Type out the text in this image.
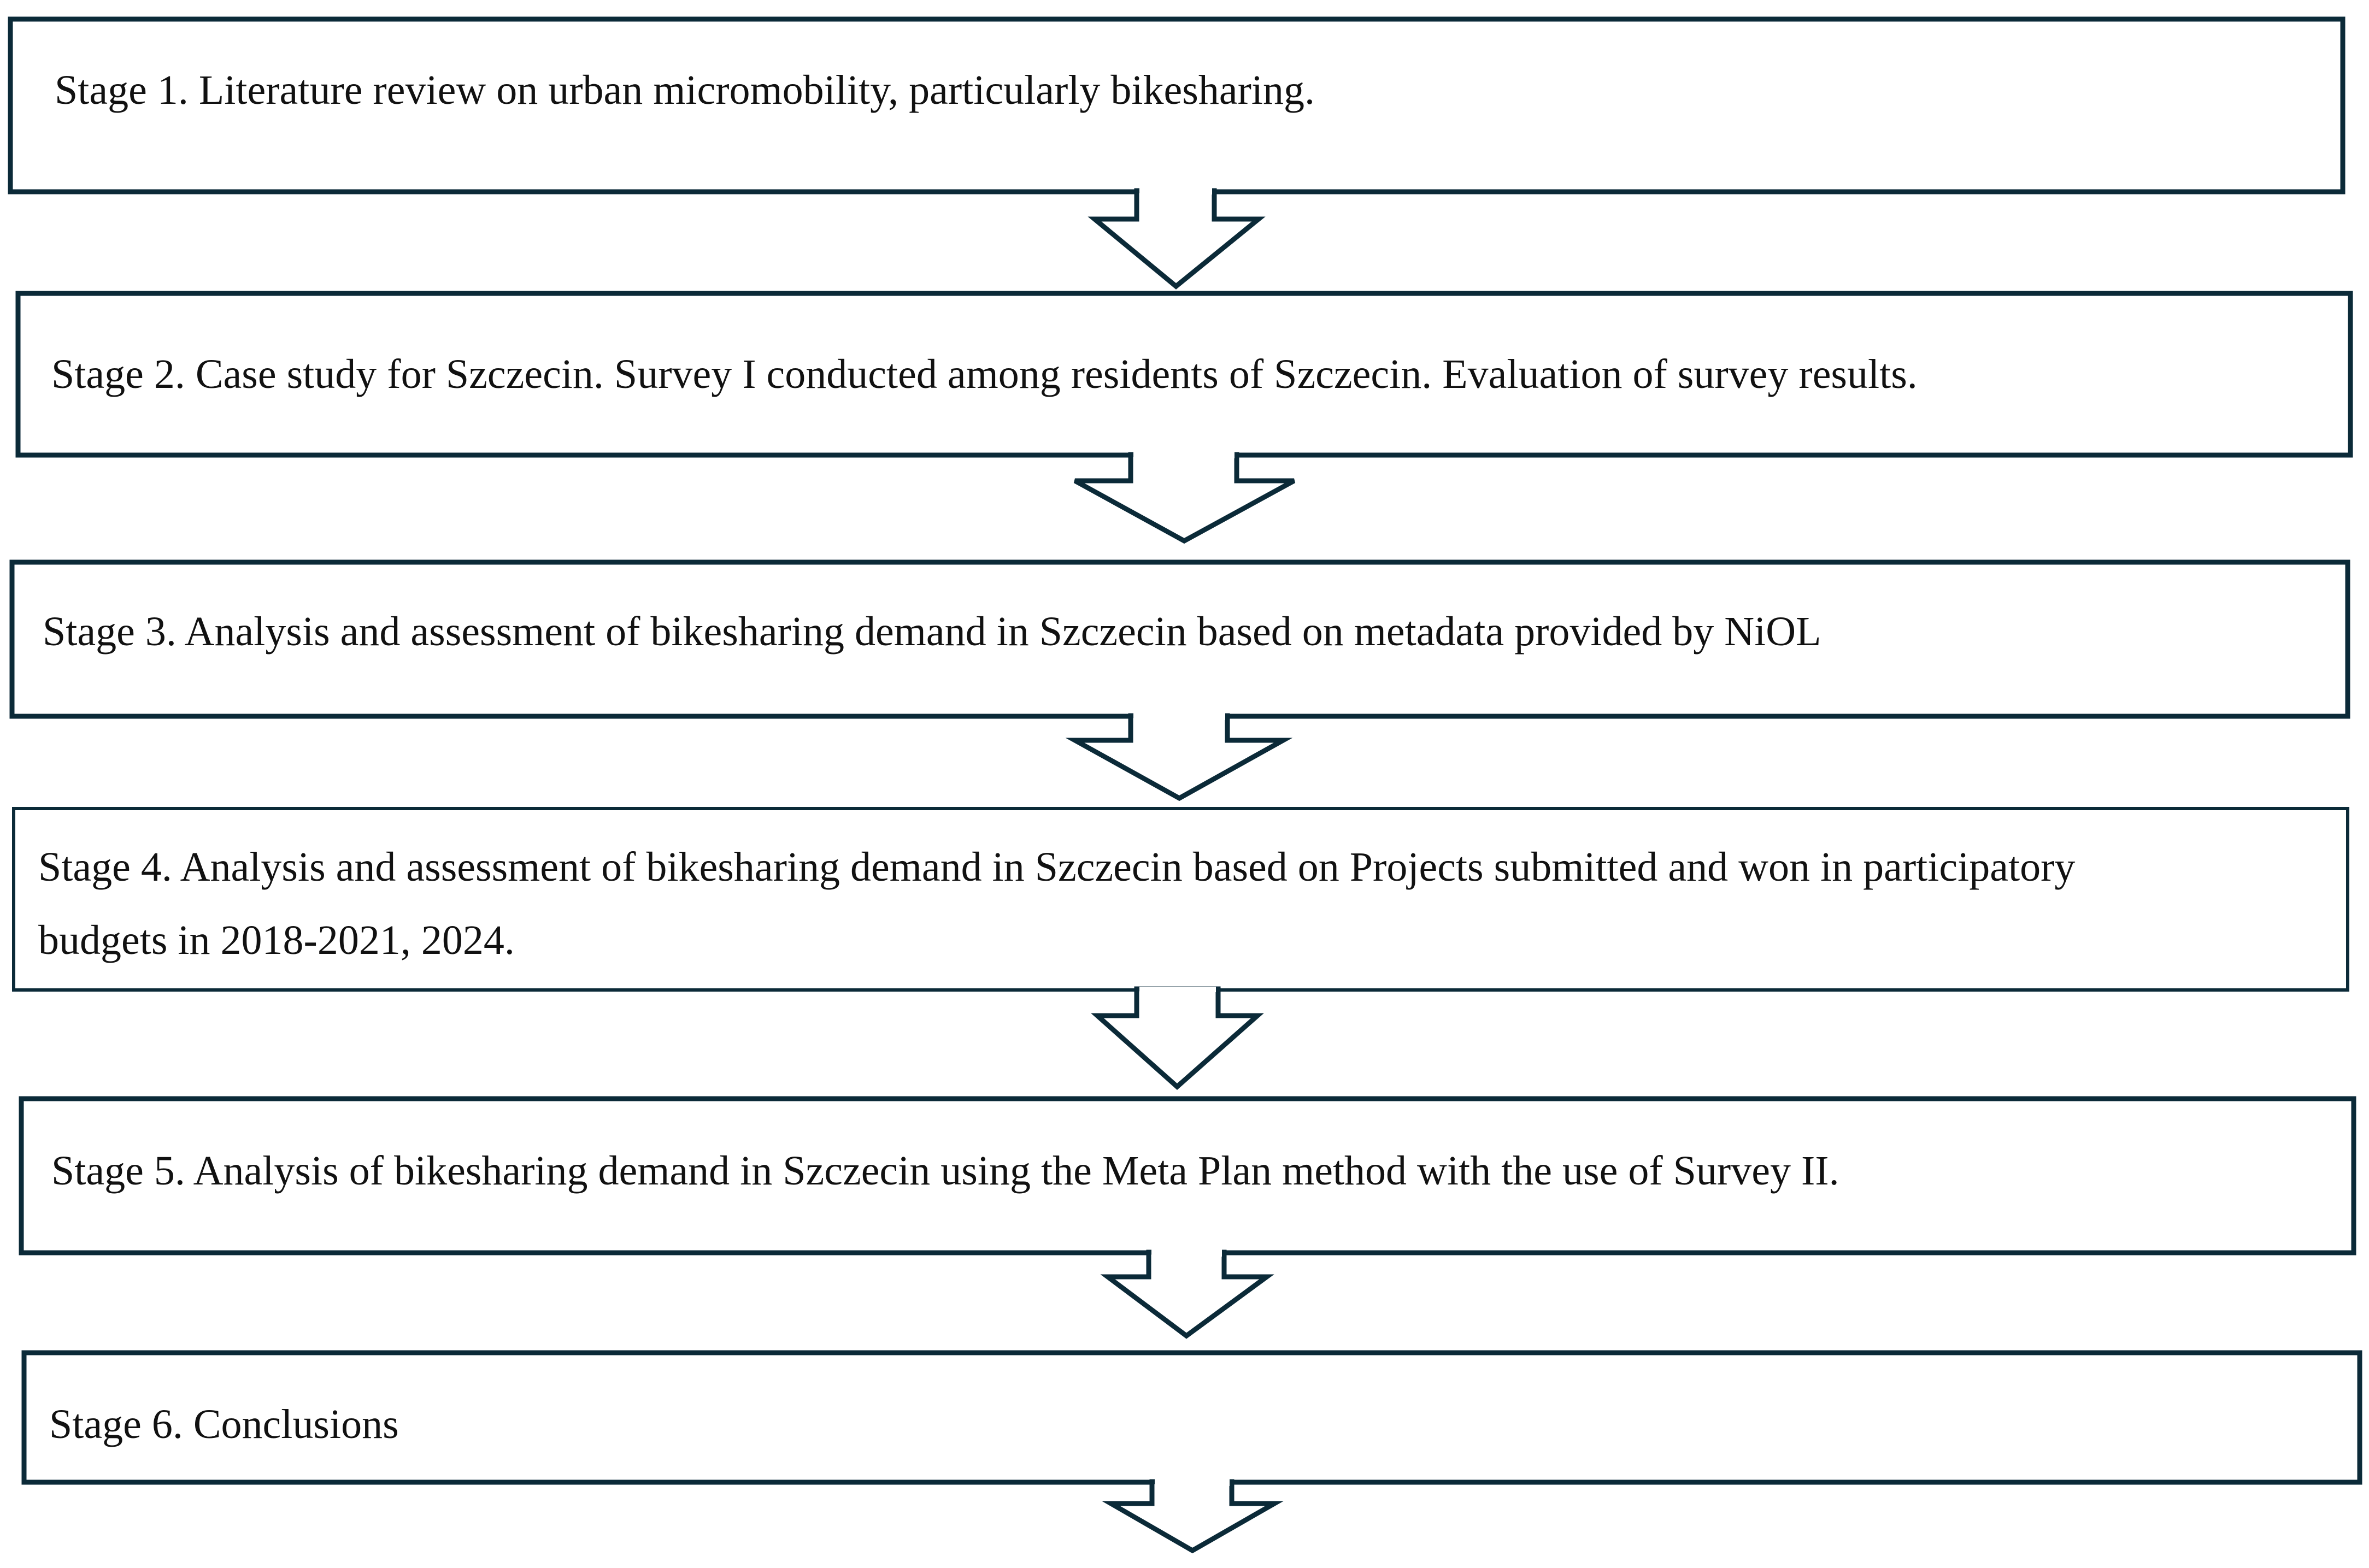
Stage 1. Literature review on urban micromobility, particularly bikesharing.
Stage 2. Case study for Szczecin. Survey I conducted among residents of Szczecin. Evaluation of survey results.
Stage 3. Analysis and assessment of bikesharing demand in Szczecin based on metadata provided by NiOL
Stage 4. Analysis and assessment of bikesharing demand in Szczecin based on Projects submitted and won in participatory
budgets in 2018-2021, 2024.
Stage 5. Analysis of bikesharing demand in Szczecin using the Meta Plan method with the use of Survey II.
Stage 6. Conclusions
